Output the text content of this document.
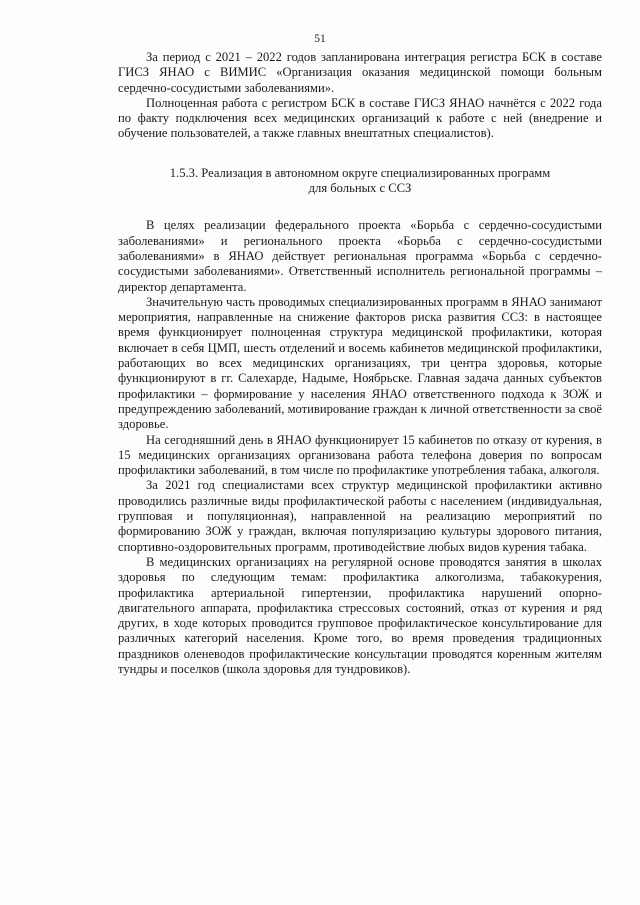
51

За период с 2021 – 2022 годов запланирована интеграция регистра БСК в составе ГИСЗ ЯНАО с ВИМИС «Организация оказания медицинской помощи больным сердечно-сосудистыми заболеваниями».

Полноценная работа с регистром БСК в составе ГИСЗ ЯНАО начнётся с 2022 года по факту подключения всех медицинских организаций к работе с ней (внедрение и обучение пользователей, а также главных внештатных специалистов).

1.5.3. Реализация в автономном округе специализированных программ
для больных с ССЗ

В целях реализации федерального проекта «Борьба с сердечно-сосудистыми заболеваниями» и регионального проекта «Борьба с сердечно-сосудистыми заболеваниями» в ЯНАО действует региональная программа «Борьба с сердечно-сосудистыми заболеваниями». Ответственный исполнитель региональной программы – директор департамента.

Значительную часть проводимых специализированных программ в ЯНАО занимают мероприятия, направленные на снижение факторов риска развития ССЗ: в настоящее время функционирует полноценная структура медицинской профилактики, которая включает в себя ЦМП, шесть отделений и восемь кабинетов медицинской профилактики, работающих во всех медицинских организациях, три центра здоровья, которые функционируют в гг. Салехарде, Надыме, Ноябрьске. Главная задача данных субъектов профилактики – формирование у населения ЯНАО ответственного подхода к ЗОЖ и предупреждению заболеваний, мотивирование граждан к личной ответственности за своё здоровье.

На сегодняшний день в ЯНАО функционирует 15 кабинетов по отказу от курения, в 15 медицинских организациях организована работа телефона доверия по вопросам профилактики заболеваний, в том числе по профилактике употребления табака, алкоголя.

За 2021 год специалистами всех структур медицинской профилактики активно проводились различные виды профилактической работы с населением (индивидуальная, групповая и популяционная), направленной на реализацию мероприятий по формированию ЗОЖ у граждан, включая популяризацию культуры здорового питания, спортивно-оздоровительных программ, противодействие любых видов курения табака.

В медицинских организациях на регулярной основе проводятся занятия в школах здоровья по следующим темам: профилактика алкоголизма, табакокурения, профилактика артериальной гипертензии, профилактика нарушений опорно-двигательного аппарата, профилактика стрессовых состояний, отказ от курения и ряд других, в ходе которых проводится групповое профилактическое консультирование для различных категорий населения. Кроме того, во время проведения традиционных праздников оленеводов профилактические консультации проводятся коренным жителям тундры и поселков (школа здоровья для тундровиков).
